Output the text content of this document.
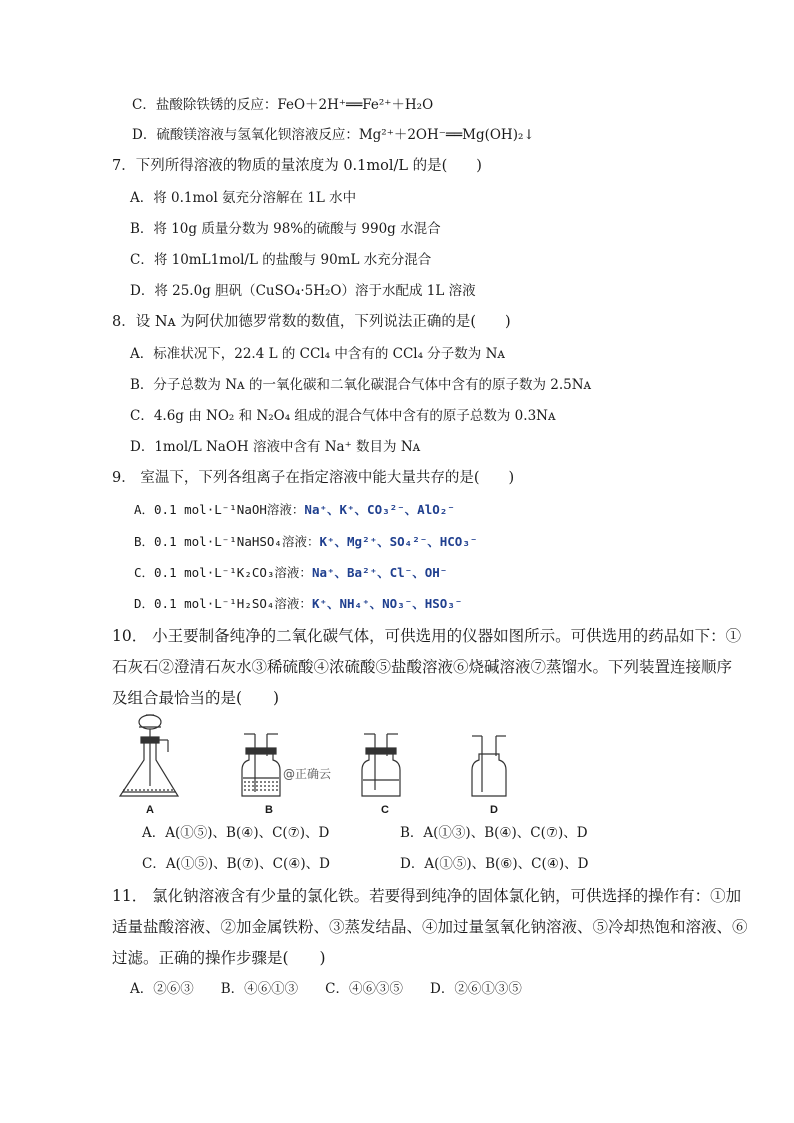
C．盐酸除铁锈的反应：FeO＋2H⁺══Fe²⁺＋H₂O
D．硫酸镁溶液与氢氧化钡溶液反应：Mg²⁺＋2OH⁻══Mg(OH)₂↓
7．下列所得溶液的物质的量浓度为 0.1mol/L 的是(　　)
A．将 0.1mol 氨充分溶解在 1L 水中
B．将 10g 质量分数为 98%的硫酸与 990g 水混合
C．将 10mL1mol/L 的盐酸与 90mL 水充分混合
D．将 25.0g 胆矾（CuSO₄·5H₂O）溶于水配成 1L 溶液
8．设 Nᴀ 为阿伏加德罗常数的数值，下列说法正确的是(　　)
A．标准状况下，22.4 L 的 CCl₄ 中含有的 CCl₄ 分子数为 Nᴀ
B．分子总数为 Nᴀ 的一氧化碳和二氧化碳混合气体中含有的原子数为 2.5Nᴀ
C．4.6g 由 NO₂ 和 N₂O₄ 组成的混合气体中含有的原子总数为 0.3Nᴀ
D．1mol/L NaOH 溶液中含有 Na⁺ 数目为 Nᴀ
9． 室温下，下列各组离子在指定溶液中能大量共存的是(　　)
A．0.1 mol·L⁻¹NaOH溶液：Na⁺、K⁺、CO₃²⁻、AlO₂⁻
B．0.1 mol·L⁻¹NaHSO₄溶液：K⁺、Mg²⁺、SO₄²⁻、HCO₃⁻
C．0.1 mol·L⁻¹K₂CO₃溶液：Na⁺、Ba²⁺、Cl⁻、OH⁻
D．0.1 mol·L⁻¹H₂SO₄溶液：K⁺、NH₄⁺、NO₃⁻、HSO₃⁻
10． 小王要制备纯净的二氧化碳气体，可供选用的仪器如图所示。可供选用的药品如下：①
石灰石②澄清石灰水③稀硫酸④浓硫酸⑤盐酸溶液⑥烧碱溶液⑦蒸馏水。下列装置连接顺序
及组合最恰当的是(　　)
A	B	C	D
@正确云
A．A(①⑤)、B(④)、C(⑦)、D	B．A(①③)、B(④)、C(⑦)、D
C．A(①⑤)、B(⑦)、C(④)、D	D．A(①⑤)、B(⑥)、C(④)、D
11． 氯化钠溶液含有少量的氯化铁。若要得到纯净的固体氯化钠，可供选择的操作有：①加
适量盐酸溶液、②加金属铁粉、③蒸发结晶、④加过量氢氧化钠溶液、⑤冷却热饱和溶液、⑥
过滤。正确的操作步骤是(　　)
A．②⑥③　　B．④⑥①③　　C．④⑥③⑤　　D．②⑥①③⑤
